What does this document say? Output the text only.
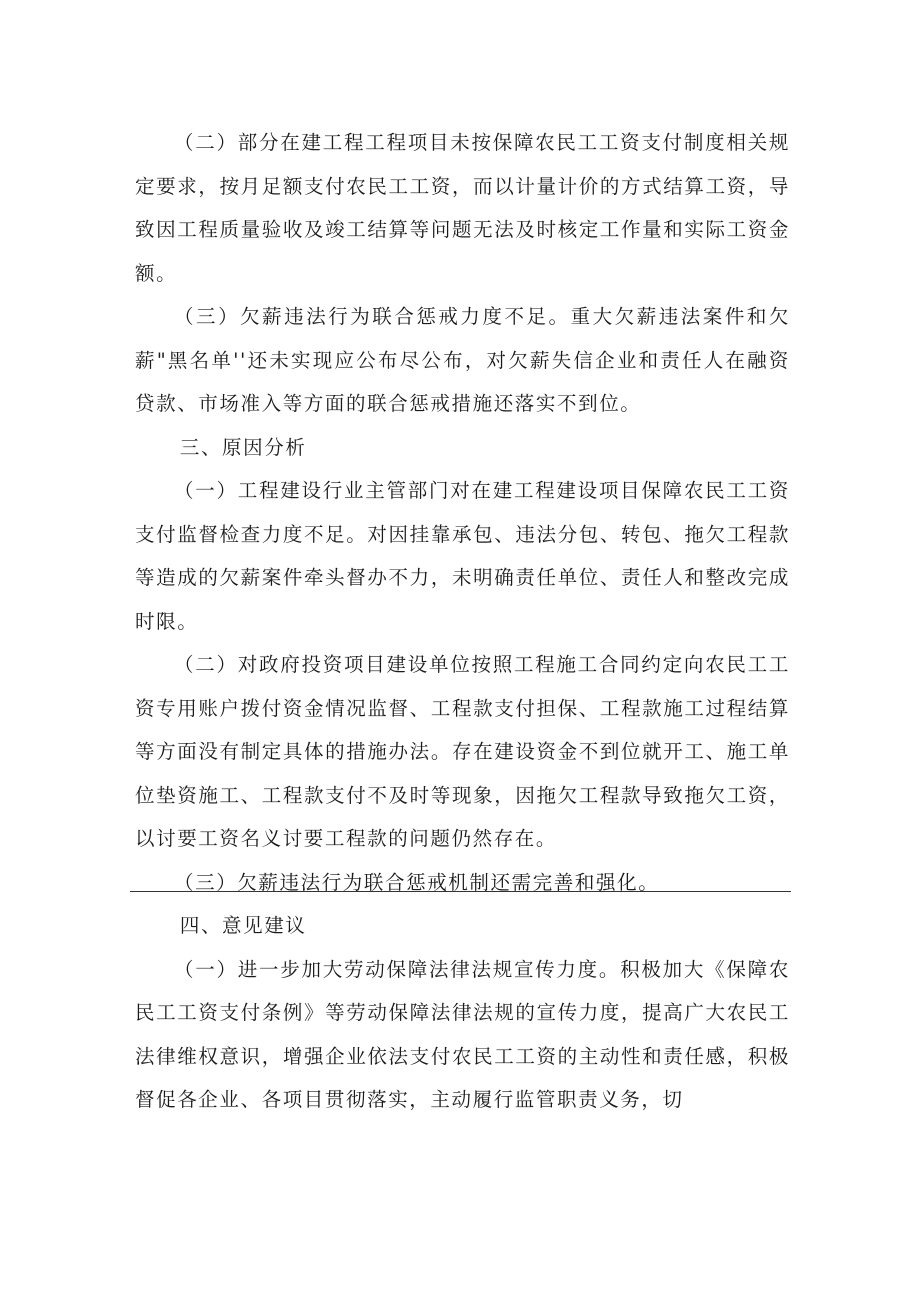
（二）部分在建工程工程项目未按保障农民工工资支付制度相关规定要求，按月足额支付农民工工资，而以计量计价的方式结算工资，导致因工程质量验收及竣工结算等问题无法及时核定工作量和实际工资金额。

（三）欠薪违法行为联合惩戒力度不足。重大欠薪违法案件和欠薪"黑名单''还未实现应公布尽公布，对欠薪失信企业和责任人在融资贷款、市场准入等方面的联合惩戒措施还落实不到位。

三、原因分析

（一）工程建设行业主管部门对在建工程建设项目保障农民工工资支付监督检查力度不足。对因挂靠承包、违法分包、转包、拖欠工程款等造成的欠薪案件牵头督办不力，未明确责任单位、责任人和整改完成时限。

（二）对政府投资项目建设单位按照工程施工合同约定向农民工工资专用账户拨付资金情况监督、工程款支付担保、工程款施工过程结算等方面没有制定具体的措施办法。存在建设资金不到位就开工、施工单位垫资施工、工程款支付不及时等现象，因拖欠工程款导致拖欠工资，以讨要工资名义讨要工程款的问题仍然存在。

（三）欠薪违法行为联合惩戒机制还需完善和强化。

四、意见建议

（一）进一步加大劳动保障法律法规宣传力度。积极加大《保障农民工工资支付条例》等劳动保障法律法规的宣传力度，提高广大农民工法律维权意识，增强企业依法支付农民工工资的主动性和责任感，积极督促各企业、各项目贯彻落实，主动履行监管职责义务，切
